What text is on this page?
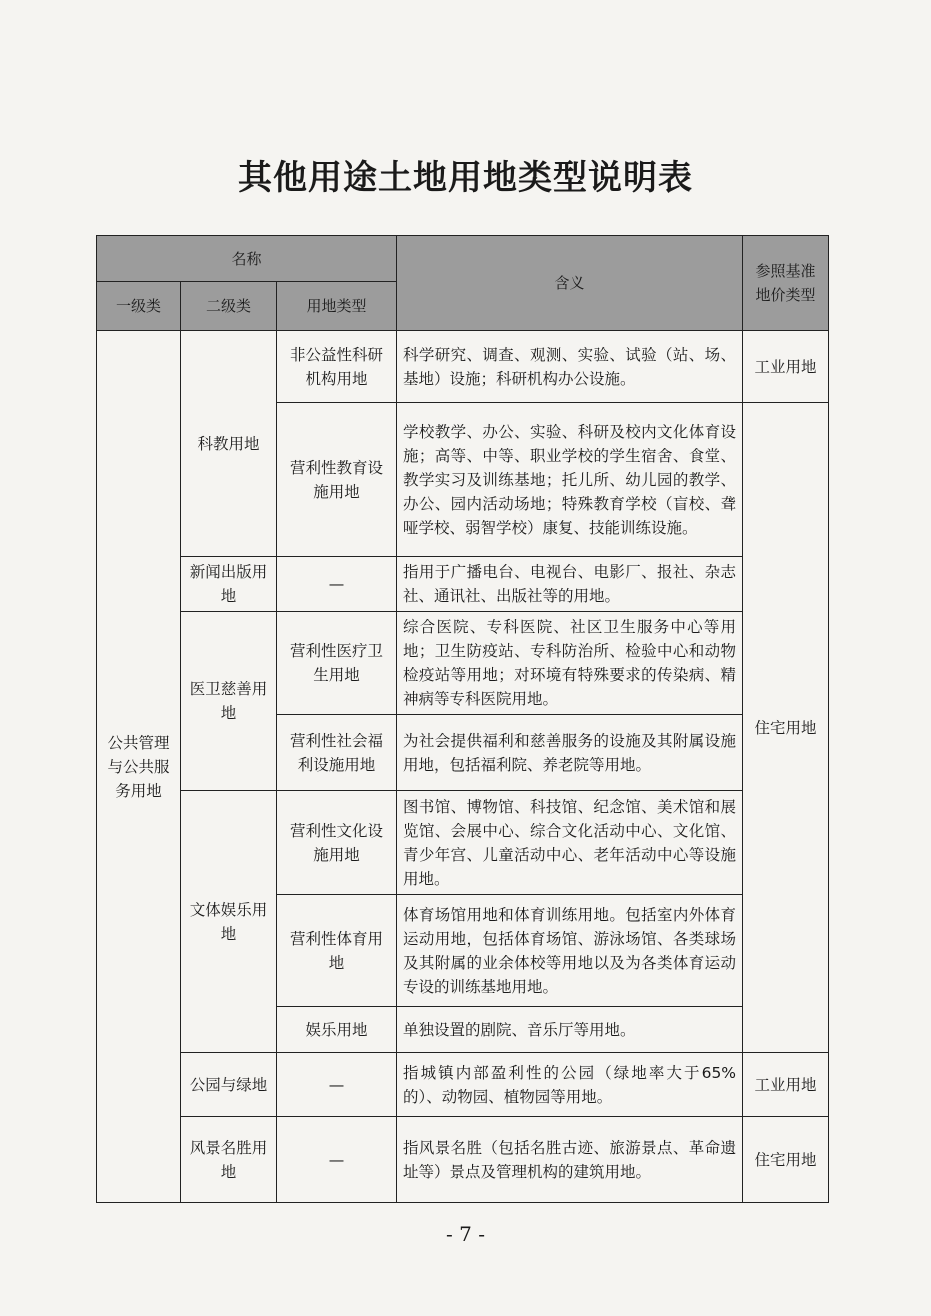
其他用途土地用地类型说明表
名称			含义	参照基准地价类型
一级类	二级类	用地类型		
公共管理与公共服务用地	科教用地	非公益性科研机构用地	科学研究、调查、观测、实验、试验（站、场、基地）设施；科研机构办公设施。	工业用地
		营利性教育设施用地	学校教学、办公、实验、科研及校内文化体育设施；高等、中等、职业学校的学生宿舍、食堂、教学实习及训练基地；托儿所、幼儿园的教学、办公、园内活动场地；特殊教育学校（盲校、聋哑学校、弱智学校）康复、技能训练设施。	住宅用地
	新闻出版用地	—	指用于广播电台、电视台、电影厂、报社、杂志社、通讯社、出版社等的用地。	
	医卫慈善用地	营利性医疗卫生用地	综合医院、专科医院、社区卫生服务中心等用地；卫生防疫站、专科防治所、检验中心和动物检疫站等用地；对环境有特殊要求的传染病、精神病等专科医院用地。	
		营利性社会福利设施用地	为社会提供福利和慈善服务的设施及其附属设施用地，包括福利院、养老院等用地。	
	文体娱乐用地	营利性文化设施用地	图书馆、博物馆、科技馆、纪念馆、美术馆和展览馆、会展中心、综合文化活动中心、文化馆、青少年宫、儿童活动中心、老年活动中心等设施用地。	
		营利性体育用地	体育场馆用地和体育训练用地。包括室内外体育运动用地，包括体育场馆、游泳场馆、各类球场及其附属的业余体校等用地以及为各类体育运动专设的训练基地用地。	
		娱乐用地	单独设置的剧院、音乐厅等用地。	
	公园与绿地	—	指城镇内部盈利性的公园（绿地率大于65%的）、动物园、植物园等用地。	工业用地
	风景名胜用地	—	指风景名胜（包括名胜古迹、旅游景点、革命遗址等）景点及管理机构的建筑用地。	住宅用地
- 7 -
